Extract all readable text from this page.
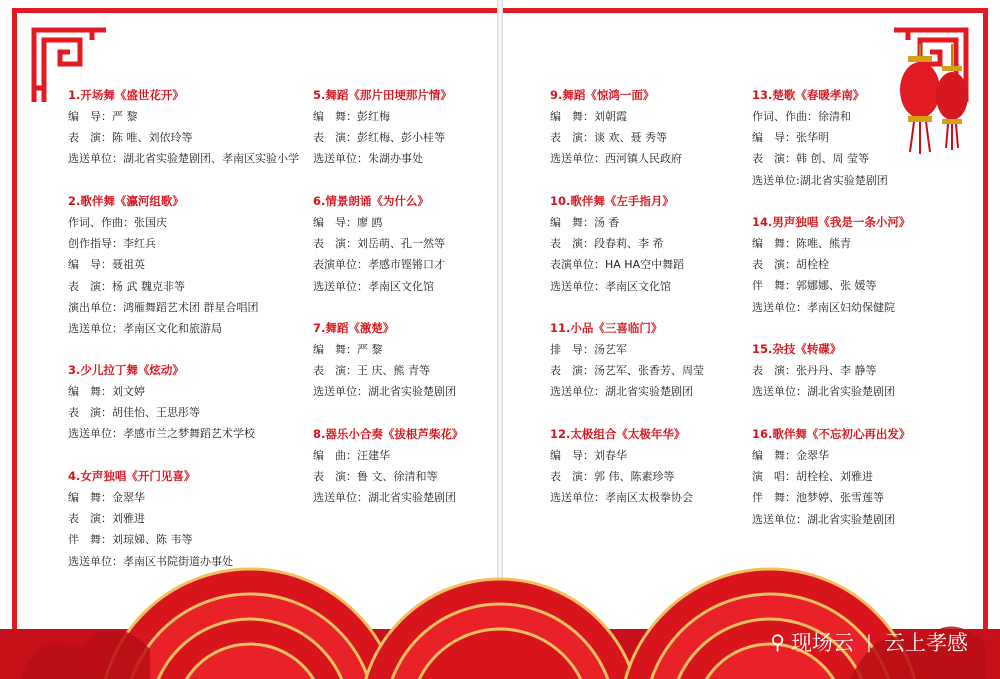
1.开场舞《盛世花开》
编　导：严 黎
表　演：陈 唯、刘依玲等
选送单位：湖北省实验楚剧团、孝南区实验小学
2.歌伴舞《瀛河组歌》
作词、作曲：张国庆
创作指导：李红兵
编　导：聂祖英
表　演：杨 武 魏克非等
演出单位：鸿雁舞蹈艺术团 群星合唱团
选送单位：孝南区文化和旅游局
3.少儿拉丁舞《炫动》
编　舞：刘文婷
表　演：胡佳怡、王思彤等
选送单位：孝感市兰之梦舞蹈艺术学校
4.女声独唱《开门见喜》
编　舞：金翠华
表　演：刘雅进
伴　舞：刘琼娣、陈 韦等
选送单位：孝南区书院街道办事处
5.舞蹈《那片田埂那片情》
编　舞：彭红梅
表　演：彭红梅、彭小桂等
选送单位：朱湖办事处
6.情景朗诵《为什么》
编　导：廖 鸥
表　演：刘岳萌、孔一然等
表演单位：孝感市铿锵口才
选送单位：孝南区文化馆
7.舞蹈《激楚》
编　舞：严 黎
表　演：王 庆、熊 青等
选送单位：湖北省实验楚剧团
8.器乐小合奏《拔根芦柴花》
编　曲：汪建华
表　演：鲁 文、徐清和等
选送单位：湖北省实验楚剧团
9.舞蹈《惊鸿一面》
编　舞：刘朝霞
表　演：谈 欢、聂 秀等
选送单位：西河镇人民政府
10.歌伴舞《左手指月》
编　舞：汤 香
表　演：段春莉、李 希
表演单位：HA HA空中舞蹈
选送单位：孝南区文化馆
11.小品《三喜临门》
排　导：汤艺军
表　演：汤艺军、张香芳、周莹
选送单位：湖北省实验楚剧团
12.太极组合《太极年华》
编　导：刘春华
表　演：郭 伟、陈素珍等
选送单位：孝南区太极拳协会
13.楚歌《春暖孝南》
作词、作曲：徐清和
编　导：张华明
表　演：韩 创、周 莹等
选送单位:湖北省实验楚剧团
14.男声独唱《我是一条小河》
编　舞：陈唯、熊青
表　演：胡栓栓
伴　舞：郭娜娜、张 媛等
选送单位：孝南区妇幼保健院
15.杂技《转碟》
表　演：张丹丹、李 静等
选送单位：湖北省实验楚剧团
16.歌伴舞《不忘初心再出发》
编　舞：金翠华
演　唱：胡栓栓、刘雅进
伴　舞：池梦婷、张雪莲等
选送单位：湖北省实验楚剧团
⚲ 现场云 | 云上孝感
